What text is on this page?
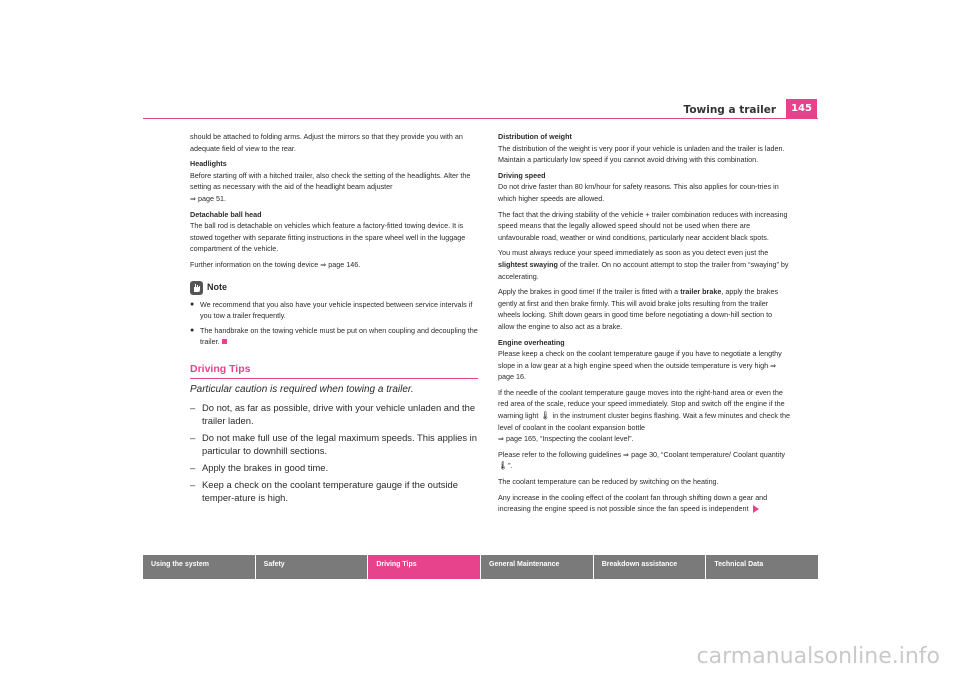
Towing a trailer	145

should be attached to folding arms. Adjust the mirrors so that they provide you with an adequate field of view to the rear.

Headlights

Before starting off with a hitched trailer, also check the setting of the headlights. Alter the setting as necessary with the aid of the headlight beam adjuster

⇒ page 51.

Detachable ball head

The ball rod is detachable on vehicles which feature a factory-fitted towing device. It is stowed together with separate fitting instructions in the spare wheel well in the luggage compartment of the vehicle.

Further information on the towing device ⇒ page 146.

Note
● We recommend that you also have your vehicle inspected between service intervals if you tow a trailer frequently.
● The handbrake on the towing vehicle must be put on when coupling and decoupling the trailer.
Driving Tips
Particular caution is required when towing a trailer.
– Do not, as far as possible, drive with your vehicle unladen and the trailer laden.
– Do not make full use of the legal maximum speeds. This applies in particular to downhill sections.
– Apply the brakes in good time.
– Keep a check on the coolant temperature gauge if the outside temper-ature is high.

Distribution of weight

The distribution of the weight is very poor if your vehicle is unladen and the trailer is laden. Maintain a particularly low speed if you cannot avoid driving with this combination.

Driving speed

Do not drive faster than 80 km/hour for safety reasons. This also applies for coun-tries in which higher speeds are allowed.

The fact that the driving stability of the vehicle + trailer combination reduces with increasing speed means that the legally allowed speed should not be used when there are unfavourable road, weather or wind conditions, particularly near accident black spots.

You must always reduce your speed immediately as soon as you detect even just the slightest swaying of the trailer. On no account attempt to stop the trailer from “swaying” by accelerating.

Apply the brakes in good time! If the trailer is fitted with a trailer brake, apply the brakes gently at first and then brake firmly. This will avoid brake jolts resulting from the trailer wheels locking. Shift down gears in good time before negotiating a down-hill section to allow the engine to also act as a brake.

Engine overheating

Please keep a check on the coolant temperature gauge if you have to negotiate a lengthy slope in a low gear at a high engine speed when the outside temperature is very high ⇒ page 16.

If the needle of the coolant temperature gauge moves into the right-hand area or even the red area of the scale, reduce your speed immediately. Stop and switch off the engine if the warning light 🌡 in the instrument cluster begins flashing. Wait a few minutes and check the level of coolant in the coolant expansion bottle

⇒ page 165, “Inspecting the coolant level”.

Please refer to the following guidelines ⇒ page 30, “Coolant temperature/ Coolant quantity 🌡”.

The coolant temperature can be reduced by switching on the heating.

Any increase in the cooling effect of the coolant fan through shifting down a gear and increasing the engine speed is not possible since the fan speed is independent

Using the system	Safety	Driving Tips	General Maintenance	Breakdown assistance	Technical Data
carmanualsonline.info
